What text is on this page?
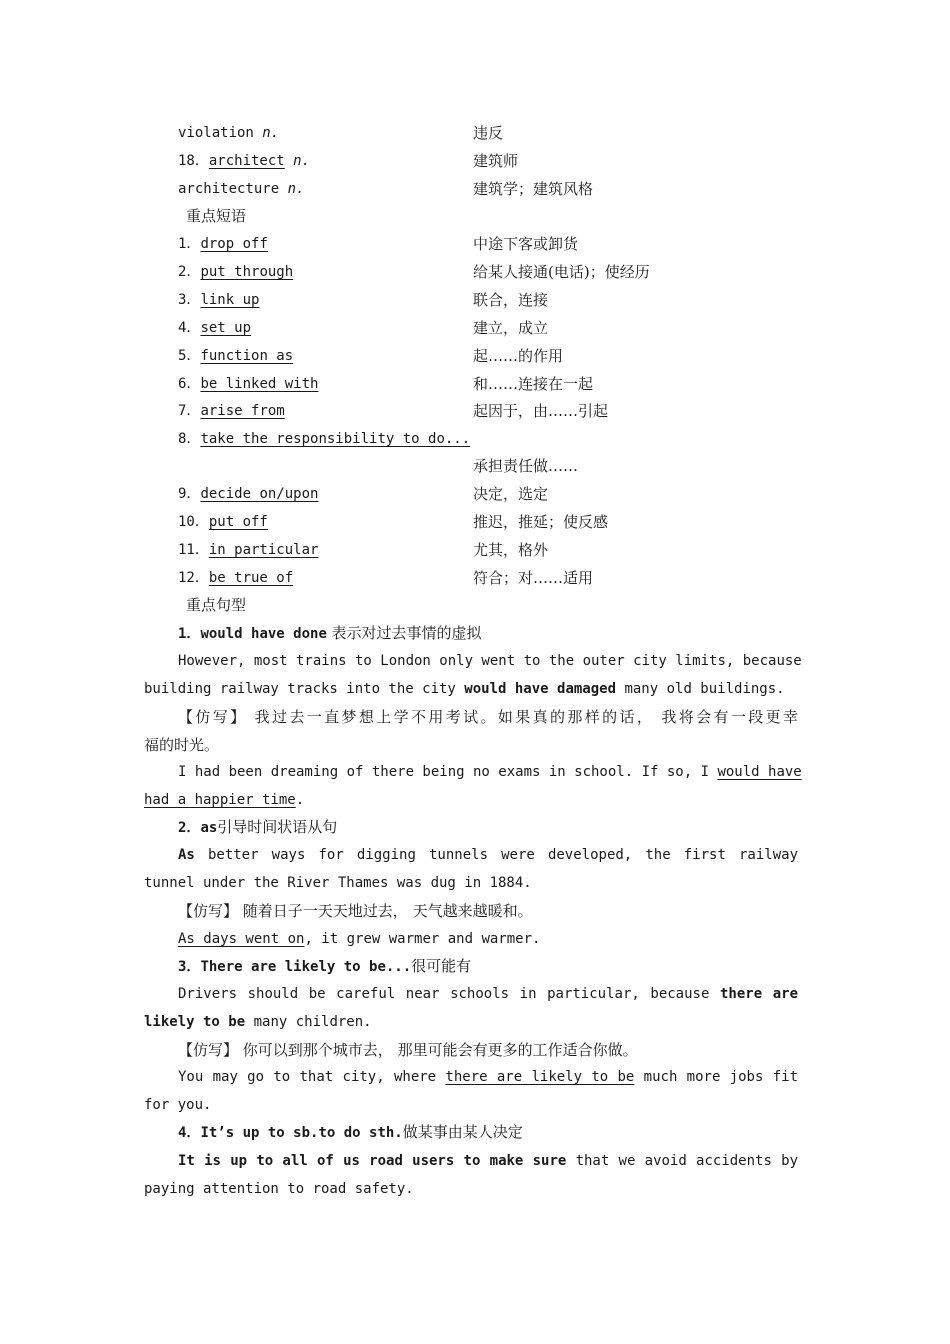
violation n.	违反
18．architect n.	建筑师
architecture n.	建筑学；建筑风格
重点短语
1．drop off	中途下客或卸货
2．put through	给某人接通(电话)；使经历
3．link up	联合，连接
4．set up	建立，成立
5．function as	起……的作用
6．be linked with	和……连接在一起
7．arise from	起因于，由……引起
8．take the responsibility to do...
承担责任做……
9．decide on/upon	决定，选定
10．put off	推迟，推延；使反感
11．in particular	尤其，格外
12．be true of	符合；对……适用
重点句型
1．would have done 表示对过去事情的虚拟
However, most trains to London only went to the outer city limits, because
building railway tracks into the city would have damaged many old buildings.
【仿写】 我过去一直梦想上学不用考试。如果真的那样的话， 我将会有一段更幸
福的时光。
I had been dreaming of there being no exams in school. If so, I would have
had a happier time.
2．as引导时间状语从句
As better ways for digging tunnels were developed, the first railway
tunnel under the River Thames was dug in 1884.
【仿写】 随着日子一天天地过去， 天气越来越暖和。
As days went on, it grew warmer and warmer.
3．There are likely to be...很可能有
Drivers should be careful near schools in particular, because there are
likely to be many children.
【仿写】 你可以到那个城市去， 那里可能会有更多的工作适合你做。
You may go to that city, where there are likely to be much more jobs fit
for you.
4．It’s up to sb.to do sth.做某事由某人决定
It is up to all of us road users to make sure that we avoid accidents by
paying attention to road safety.
